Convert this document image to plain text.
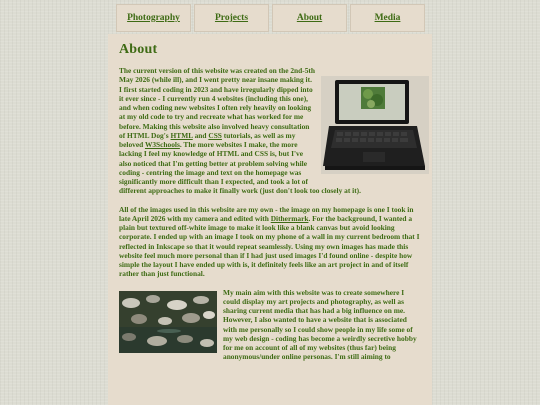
Photography	Projects	About	Media
About
The current version of this website was created on the 2nd-5th May 2026 (while ill), and I went pretty near insane making it. I first started coding in 2023 and have irregularly dipped into it ever since - I currently run 4 websites (including this one), and when coding new websites I often rely heavily on looking at my old code to try and recreate what has worked for me before. Making this website also involved heavy consultation of HTML Dog's HTML and CSS tutorials, as well as my beloved W3Schools. The more websites I make, the more lacking I feel my knowledge of HTML and CSS is, but I've also noticed that I'm getting better at problem solving while coding - centring the image and text on the homepage was significantly more difficult than I expected, and took a lot of different approaches to make it finally work (just don't look too closely at it).
All of the images used in this website are my own - the image on my homepage is one I took in late April 2026 with my camera and edited with Dithermark. For the background, I wanted a plain but textured off-white image to make it look like a blank canvas but avoid looking corporate. I ended up with an image I took on my phone of a wall in my current bedroom that I reflected in Inkscape so that it would repeat seamlessly. Using my own images has made this website feel much more personal than if I had just used images I'd found online - despite how simple the layout I have ended up with is, it definitely feels like an art project in and of itself rather than just functional.
My main aim with this website was to create somewhere I could display my art projects and photography, as well as sharing current media that has had a big influence on me. However, I also wanted to have a website that is associated with me personally so I could show people in my life some of my web design - coding has become a weirdly secretive hobby for me on account of all of my websites (thus far) being anonymous/under online personas. I'm still aiming to
